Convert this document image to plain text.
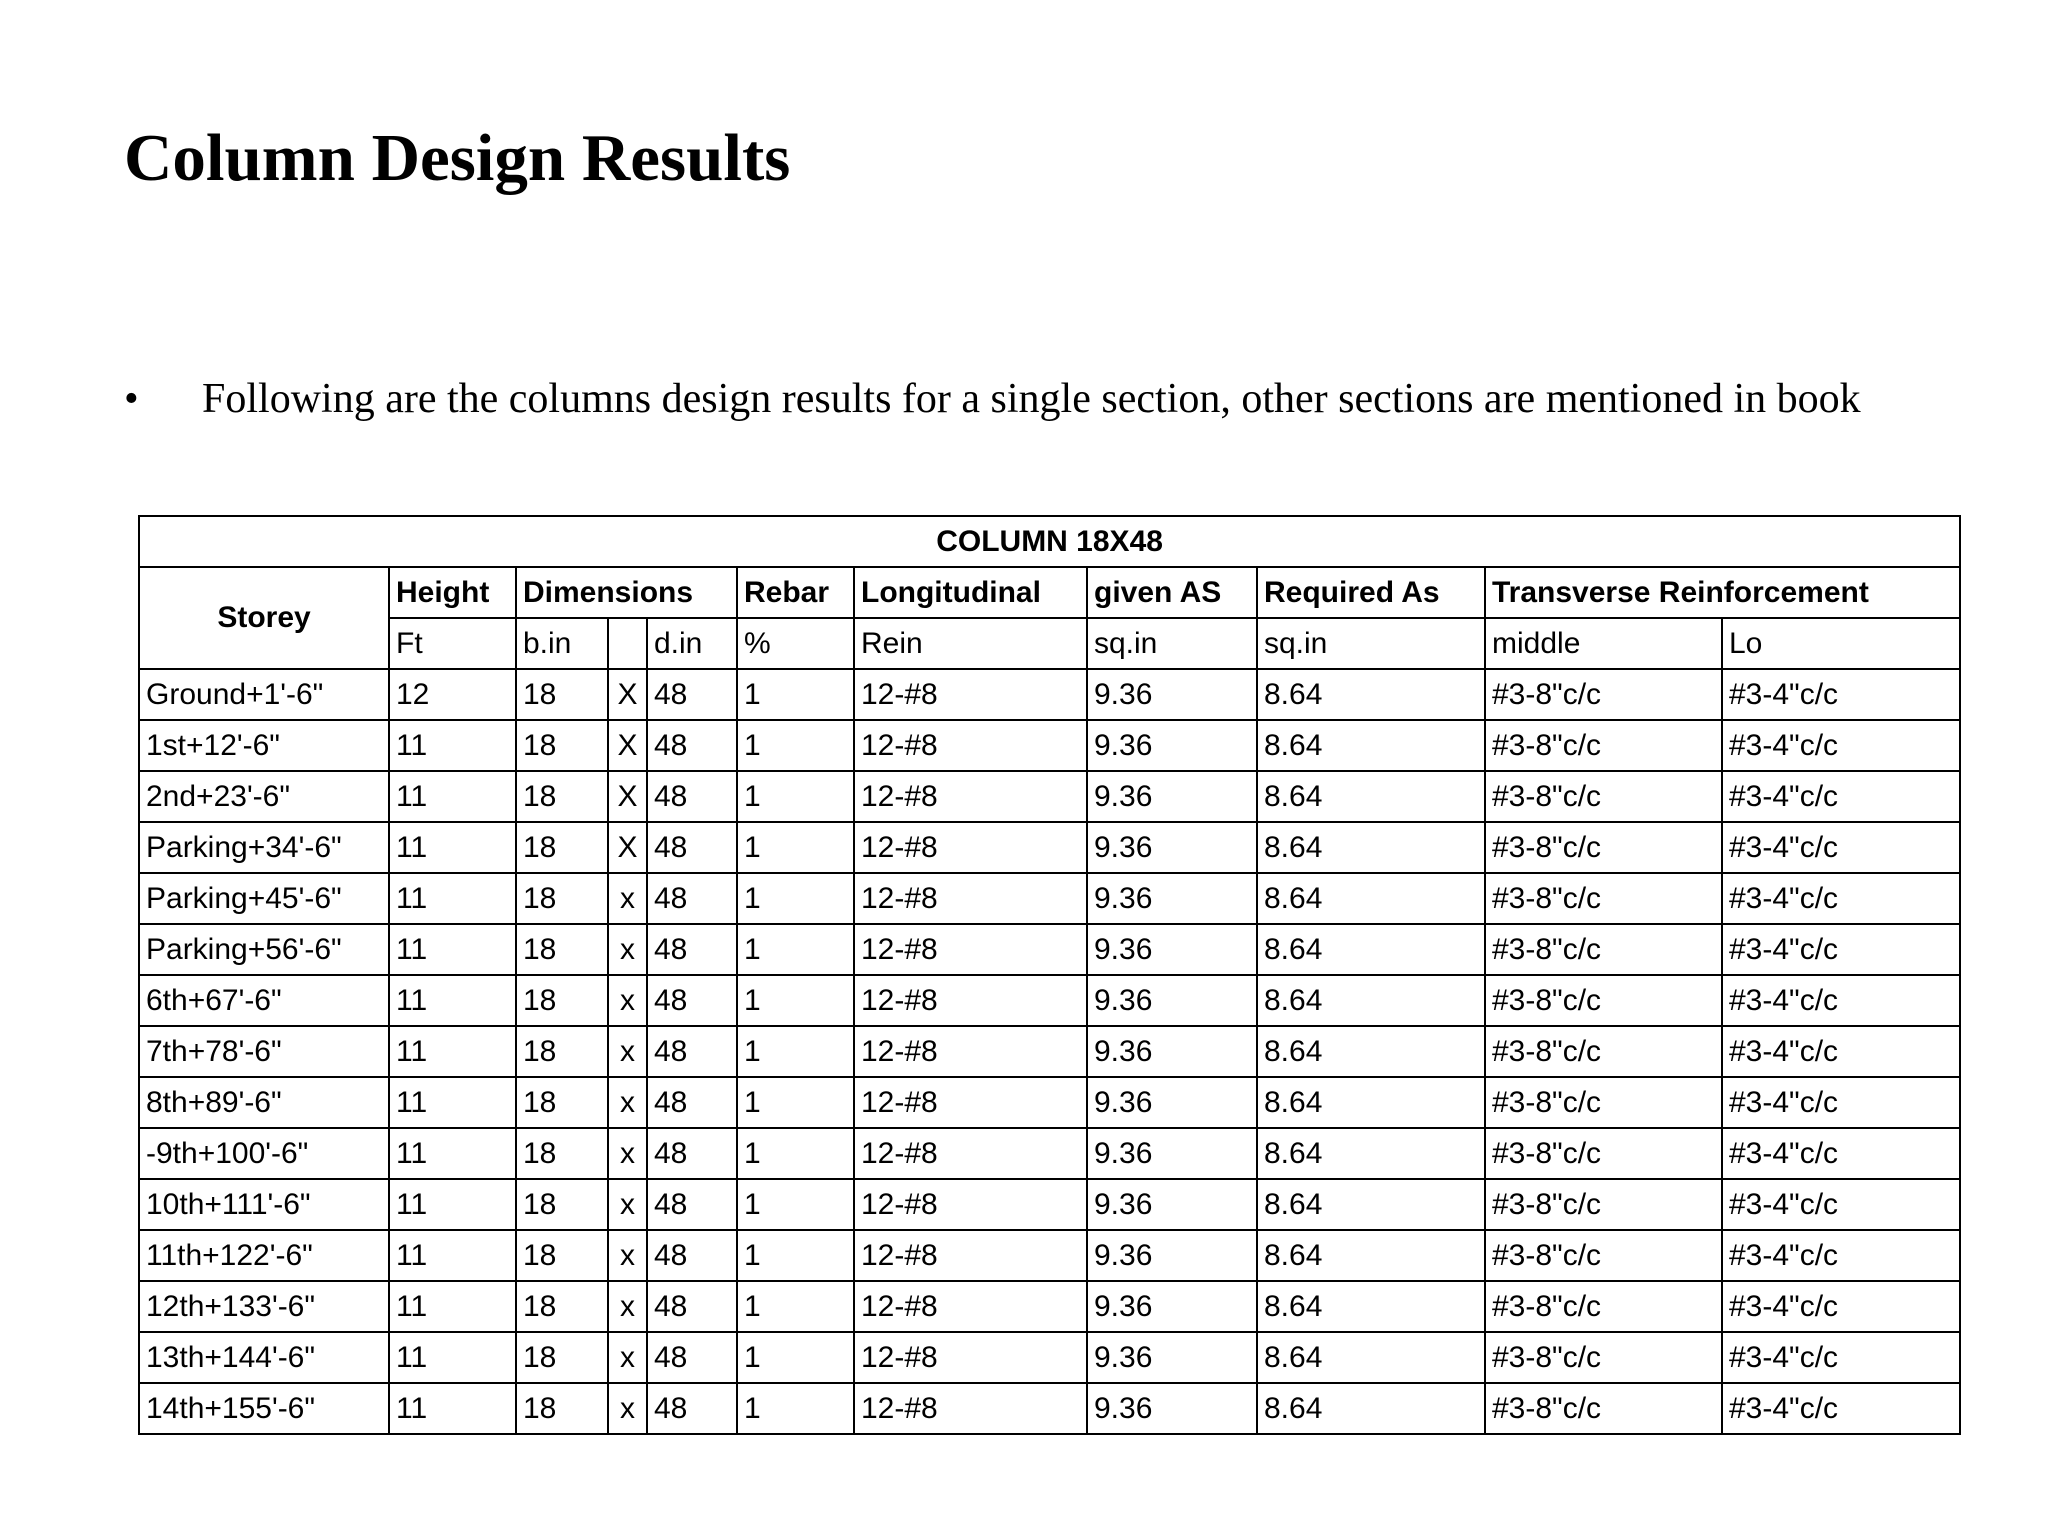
Column Design Results
•	Following are the columns design results for a single section, other sections are mentioned in book
COLUMN 18X48										
Storey	Height	Dimensions			Rebar	Longitudinal	given AS	Required As	Transverse Reinforcement	
	Ft	b.in		d.in	%	Rein	sq.in	sq.in	middle	Lo
Ground+1'-6"	12	18	X	48	1	12-#8	9.36	8.64	#3-8"c/c	#3-4"c/c
1st+12'-6"	11	18	X	48	1	12-#8	9.36	8.64	#3-8"c/c	#3-4"c/c
2nd+23'-6"	11	18	X	48	1	12-#8	9.36	8.64	#3-8"c/c	#3-4"c/c
Parking+34'-6"	11	18	X	48	1	12-#8	9.36	8.64	#3-8"c/c	#3-4"c/c
Parking+45'-6"	11	18	x	48	1	12-#8	9.36	8.64	#3-8"c/c	#3-4"c/c
Parking+56'-6"	11	18	x	48	1	12-#8	9.36	8.64	#3-8"c/c	#3-4"c/c
6th+67'-6"	11	18	x	48	1	12-#8	9.36	8.64	#3-8"c/c	#3-4"c/c
7th+78'-6"	11	18	x	48	1	12-#8	9.36	8.64	#3-8"c/c	#3-4"c/c
8th+89'-6"	11	18	x	48	1	12-#8	9.36	8.64	#3-8"c/c	#3-4"c/c
-9th+100'-6"	11	18	x	48	1	12-#8	9.36	8.64	#3-8"c/c	#3-4"c/c
10th+111'-6"	11	18	x	48	1	12-#8	9.36	8.64	#3-8"c/c	#3-4"c/c
11th+122'-6"	11	18	x	48	1	12-#8	9.36	8.64	#3-8"c/c	#3-4"c/c
12th+133'-6"	11	18	x	48	1	12-#8	9.36	8.64	#3-8"c/c	#3-4"c/c
13th+144'-6"	11	18	x	48	1	12-#8	9.36	8.64	#3-8"c/c	#3-4"c/c
14th+155'-6"	11	18	x	48	1	12-#8	9.36	8.64	#3-8"c/c	#3-4"c/c
